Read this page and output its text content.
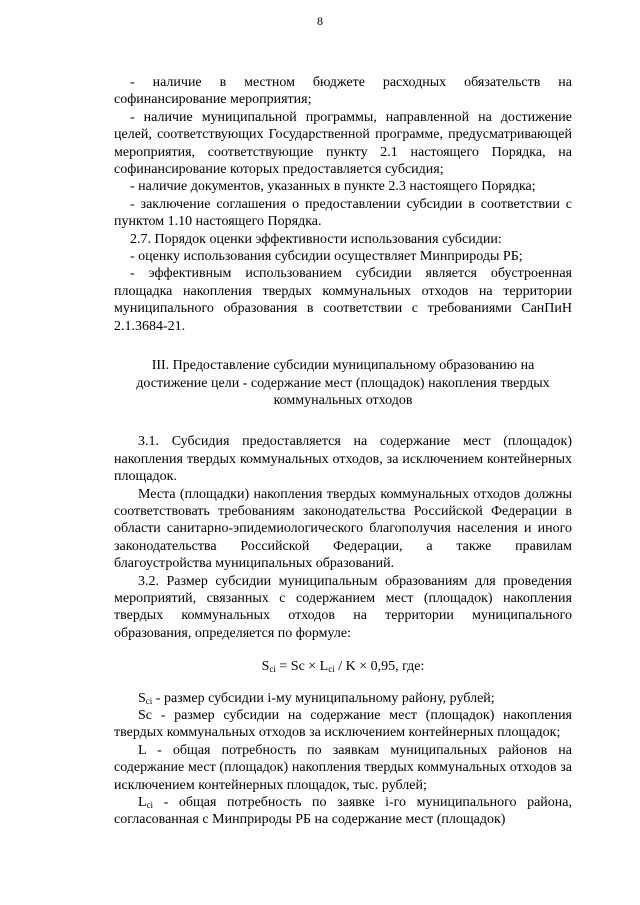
8

- наличие в местном бюджете расходных обязательств на софинансирование мероприятия;

- наличие муниципальной программы, направленной на достижение целей, соответствующих Государственной программе, предусматривающей мероприятия, соответствующие пункту 2.1 настоящего Порядка, на софинансирование которых предоставляется субсидия;

- наличие документов, указанных в пункте 2.3 настоящего Порядка;

- заключение соглашения о предоставлении субсидии в соответствии с пунктом 1.10 настоящего Порядка.

2.7. Порядок оценки эффективности использования субсидии:

- оценку использования субсидии осуществляет Минприроды РБ;

- эффективным использованием субсидии является обустроенная площадка накопления твердых коммунальных отходов на территории муниципального образования в соответствии с требованиями СанПиН 2.1.3684-21.

III. Предоставление субсидии муниципальному образованию на достижение цели - содержание мест (площадок) накопления твердых коммунальных отходов

3.1. Субсидия предоставляется на содержание мест (площадок) накопления твердых коммунальных отходов, за исключением контейнерных площадок.

Места (площадки) накопления твердых коммунальных отходов должны соответствовать требованиям законодательства Российской Федерации в области санитарно-эпидемиологического благополучия населения и иного законодательства Российской Федерации, а также правилам благоустройства муниципальных образований.

3.2. Размер субсидии муниципальным образованиям для проведения мероприятий, связанных с содержанием мест (площадок) накопления твердых коммунальных отходов на территории муниципального образования, определяется по формуле:

$S_{ci} = Sc \times L_{ci} / K \times 0,95$, где:

$S_{ci}$ - размер субсидии i-му муниципальному району, рублей;

Sc - размер субсидии на содержание мест (площадок) накопления твердых коммунальных отходов за исключением контейнерных площадок;

L - общая потребность по заявкам муниципальных районов на содержание мест (площадок) накопления твердых коммунальных отходов за исключением контейнерных площадок, тыс. рублей;

$L_{ci}$ - общая потребность по заявке i-го муниципального района, согласованная с Минприроды РБ на содержание мест (площадок)
